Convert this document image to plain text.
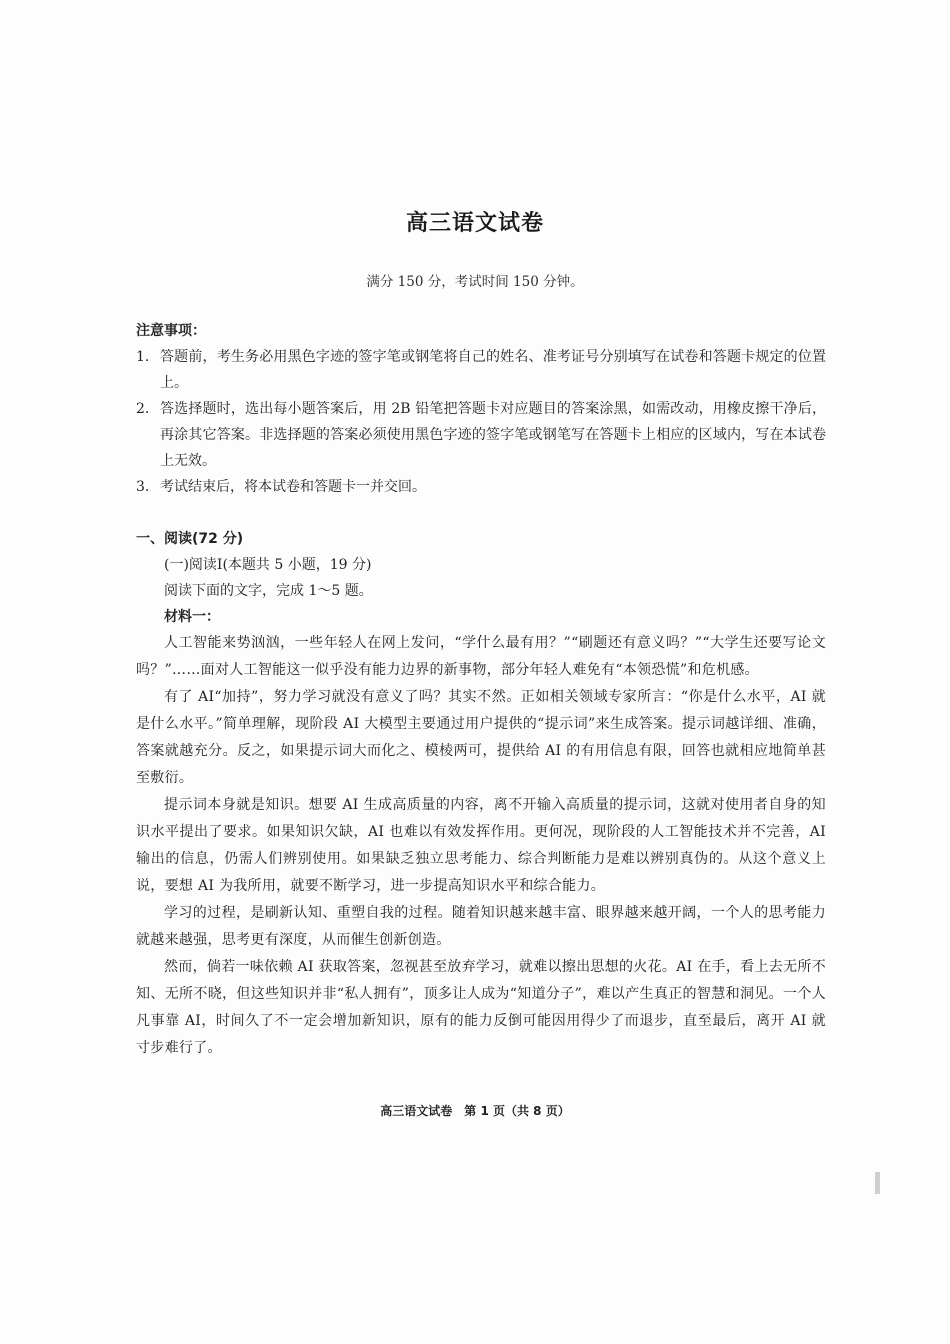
高三语文试卷
满分 150 分，考试时间 150 分钟。
注意事项：
1. 答题前，考生务必用黑色字迹的签字笔或钢笔将自己的姓名、准考证号分别填写在试卷和答题卡规定的位置上。
2. 答选择题时，选出每小题答案后，用 2B 铅笔把答题卡对应题目的答案涂黑，如需改动，用橡皮擦干净后，再涂其它答案。非选择题的答案必须使用黑色字迹的签字笔或钢笔写在答题卡上相应的区域内，写在本试卷上无效。
3. 考试结束后，将本试卷和答题卡一并交回。
一、阅读(72 分)
(一)阅读Ⅰ(本题共 5 小题，19 分)
阅读下面的文字，完成 1～5 题。
材料一：

人工智能来势汹汹，一些年轻人在网上发问，“学什么最有用？”“刷题还有意义吗？”“大学生还要写论文吗？”……面对人工智能这一似乎没有能力边界的新事物，部分年轻人难免有“本领恐慌”和危机感。

有了 AI“加持”，努力学习就没有意义了吗？其实不然。正如相关领域专家所言：“你是什么水平，AI 就是什么水平。”简单理解，现阶段 AI 大模型主要通过用户提供的“提示词”来生成答案。提示词越详细、准确，答案就越充分。反之，如果提示词大而化之、模棱两可，提供给 AI 的有用信息有限，回答也就相应地简单甚至敷衍。

提示词本身就是知识。想要 AI 生成高质量的内容，离不开输入高质量的提示词，这就对使用者自身的知识水平提出了要求。如果知识欠缺，AI 也难以有效发挥作用。更何况，现阶段的人工智能技术并不完善，AI 输出的信息，仍需人们辨别使用。如果缺乏独立思考能力、综合判断能力是难以辨别真伪的。从这个意义上说，要想 AI 为我所用，就要不断学习，进一步提高知识水平和综合能力。

学习的过程，是刷新认知、重塑自我的过程。随着知识越来越丰富、眼界越来越开阔，一个人的思考能力就越来越强，思考更有深度，从而催生创新创造。

然而，倘若一味依赖 AI 获取答案，忽视甚至放弃学习，就难以擦出思想的火花。AI 在手，看上去无所不知、无所不晓，但这些知识并非“私人拥有”，顶多让人成为“知道分子”，难以产生真正的智慧和洞见。一个人凡事靠 AI，时间久了不一定会增加新知识，原有的能力反倒可能因用得少了而退步，直至最后，离开 AI 就寸步难行了。

高三语文试卷　第 1 页（共 8 页）
